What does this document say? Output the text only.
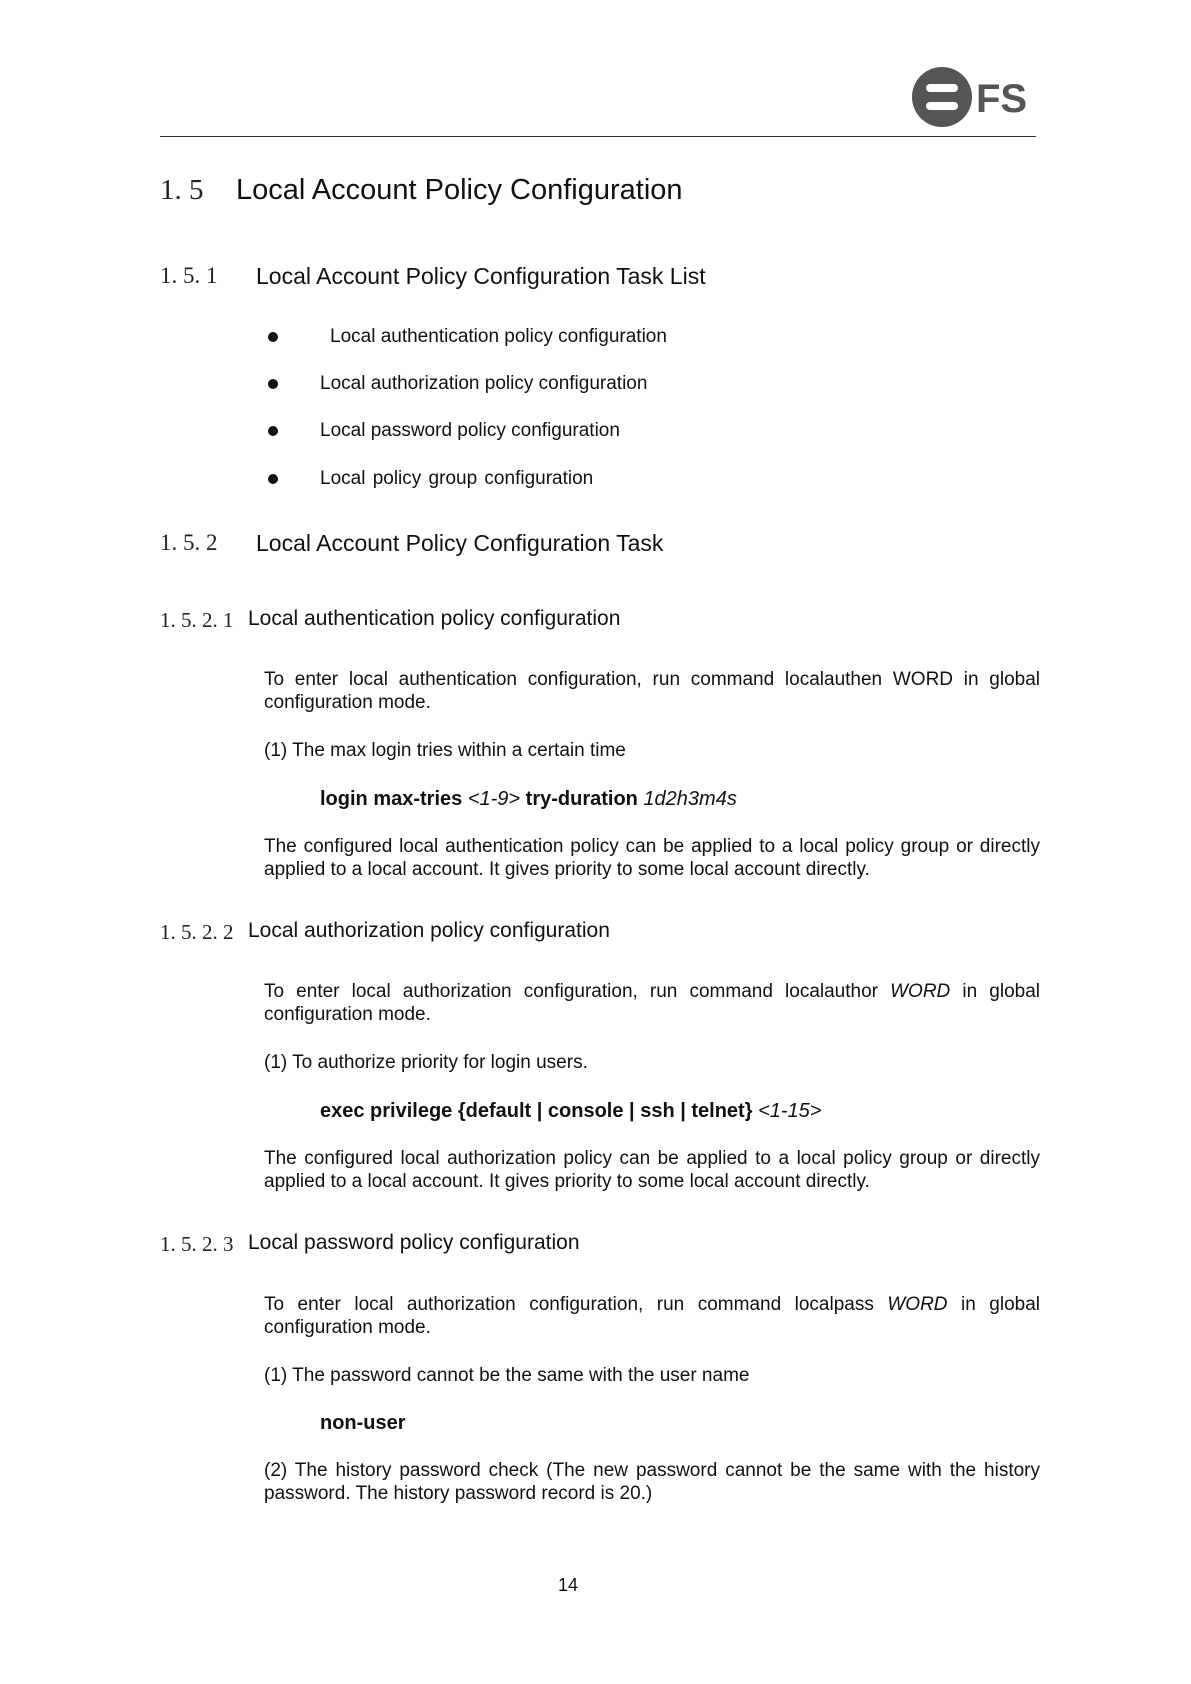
FS
1. 5 Local Account Policy Configuration
1. 5. 1 Local Account Policy Configuration Task List
Local authentication policy configuration
Local authorization policy configuration
Local password policy configuration
Local policy group configuration
1. 5. 2 Local Account Policy Configuration Task
1. 5. 2. 1 Local authentication policy configuration
To enter local authentication configuration, run command localauthen WORD in global configuration mode.
(1) The max login tries within a certain time
login max-tries <1-9> try-duration 1d2h3m4s
The configured local authentication policy can be applied to a local policy group or directly applied to a local account. It gives priority to some local account directly.
1. 5. 2. 2 Local authorization policy configuration
To enter local authorization configuration, run command localauthor WORD in global configuration mode.
(1) To authorize priority for login users.
exec privilege {default | console | ssh | telnet} <1-15>
The configured local authorization policy can be applied to a local policy group or directly applied to a local account. It gives priority to some local account directly.
1. 5. 2. 3 Local password policy configuration
To enter local authorization configuration, run command localpass WORD in global configuration mode.
(1) The password cannot be the same with the user name
non-user
(2) The history password check (The new password cannot be the same with the history password. The history password record is 20.)
14
